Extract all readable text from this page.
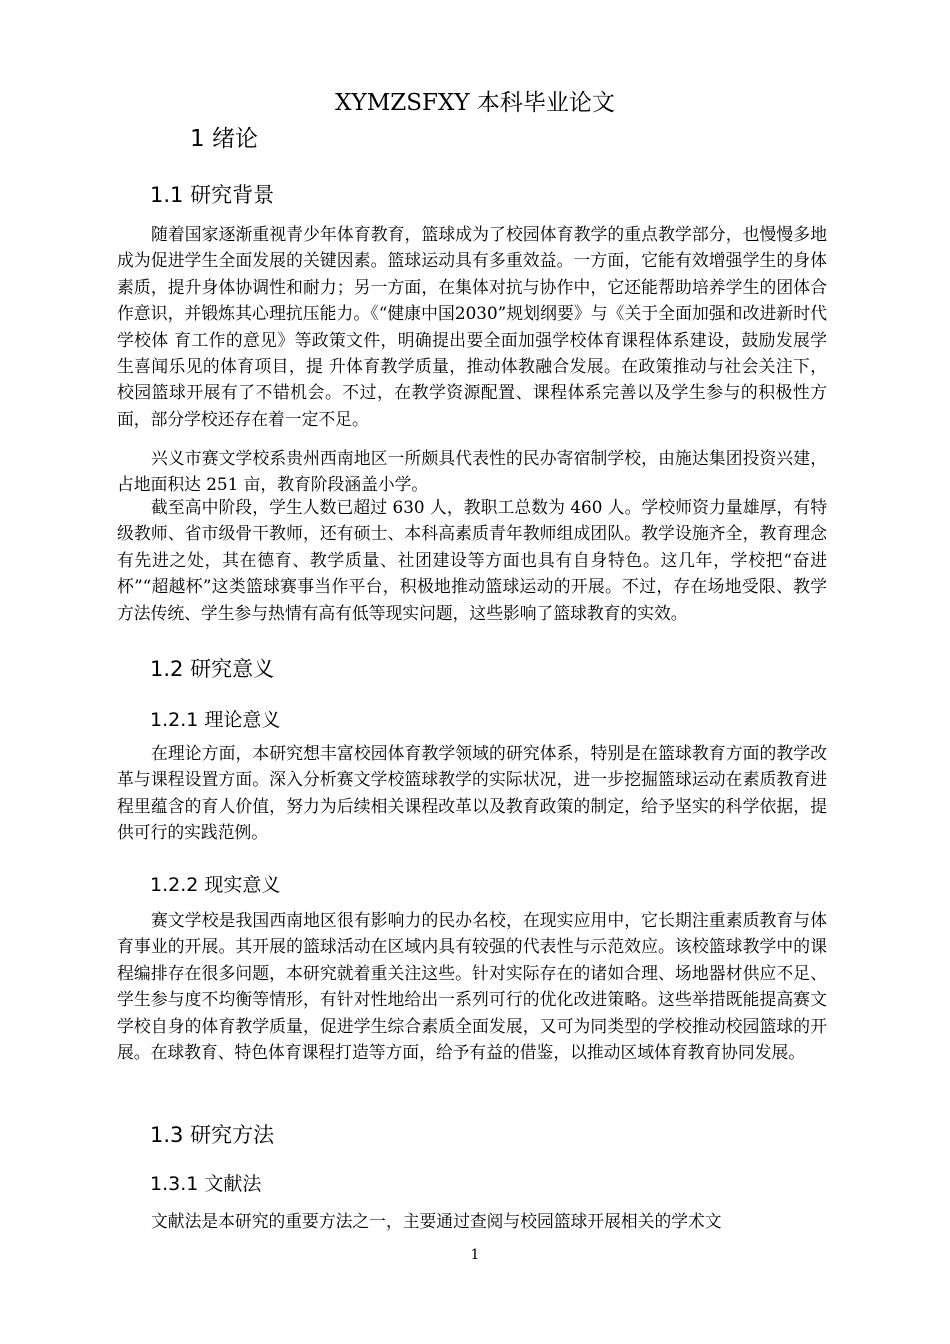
XYMZSFXY 本科毕业论文
1 绪论
1.1 研究背景

随着国家逐渐重视青少年体育教育，篮球成为了校园体育教学的重点教学部分，也慢慢多地成为促进学生全面发展的关键因素。篮球运动具有多重效益。一方面，它能有效增强学生的身体素质，提升身体协调性和耐力；另一方面，在集体对抗与协作中，它还能帮助培养学生的团体合作意识，并锻炼其心理抗压能力。《“健康中国2030”规划纲要》与《关于全面加强和改进新时代学校体 育工作的意见》等政策文件，明确提出要全面加强学校体育课程体系建设，鼓励发展学生喜闻乐见的体育项目，提 升体育教学质量，推动体教融合发展。在政策推动与社会关注下，校园篮球开展有了不错机会。不过，在教学资源配置、课程体系完善以及学生参与的积极性方面，部分学校还存在着一定不足。

兴义市赛文学校系贵州西南地区一所颇具代表性的民办寄宿制学校，由施达集团投资兴建，占地面积达 251 亩，教育阶段涵盖小学。

截至高中阶段，学生人数已超过 630 人，教职工总数为 460 人。学校师资力量雄厚，有特级教师、省市级骨干教师，还有硕士、本科高素质青年教师组成团队。教学设施齐全，教育理念有先进之处，其在德育、教学质量、社团建设等方面也具有自身特色。这几年，学校把“奋进杯”“超越杯”这类篮球赛事当作平台，积极地推动篮球运动的开展。不过，存在场地受限、教学方法传统、学生参与热情有高有低等现实问题，这些影响了篮球教育的实效。

1.2 研究意义
1.2.1 理论意义

在理论方面，本研究想丰富校园体育教学领域的研究体系，特别是在篮球教育方面的教学改革与课程设置方面。深入分析赛文学校篮球教学的实际状况，进一步挖掘篮球运动在素质教育进程里蕴含的育人价值，努力为后续相关课程改革以及教育政策的制定，给予坚实的科学依据，提供可行的实践范例。

1.2.2 现实意义

赛文学校是我国西南地区很有影响力的民办名校，在现实应用中，它长期注重素质教育与体育事业的开展。其开展的篮球活动在区域内具有较强的代表性与示范效应。该校篮球教学中的课程编排存在很多问题，本研究就着重关注这些。针对实际存在的诸如合理、场地器材供应不足、学生参与度不均衡等情形，有针对性地给出一系列可行的优化改进策略。这些举措既能提高赛文学校自身的体育教学质量，促进学生综合素质全面发展，又可为同类型的学校推动校园篮球的开展。在球教育、特色体育课程打造等方面，给予有益的借鉴，以推动区域体育教育协同发展。

1.3 研究方法
1.3.1 文献法

文献法是本研究的重要方法之一，主要通过查阅与校园篮球开展相关的学术文

1
